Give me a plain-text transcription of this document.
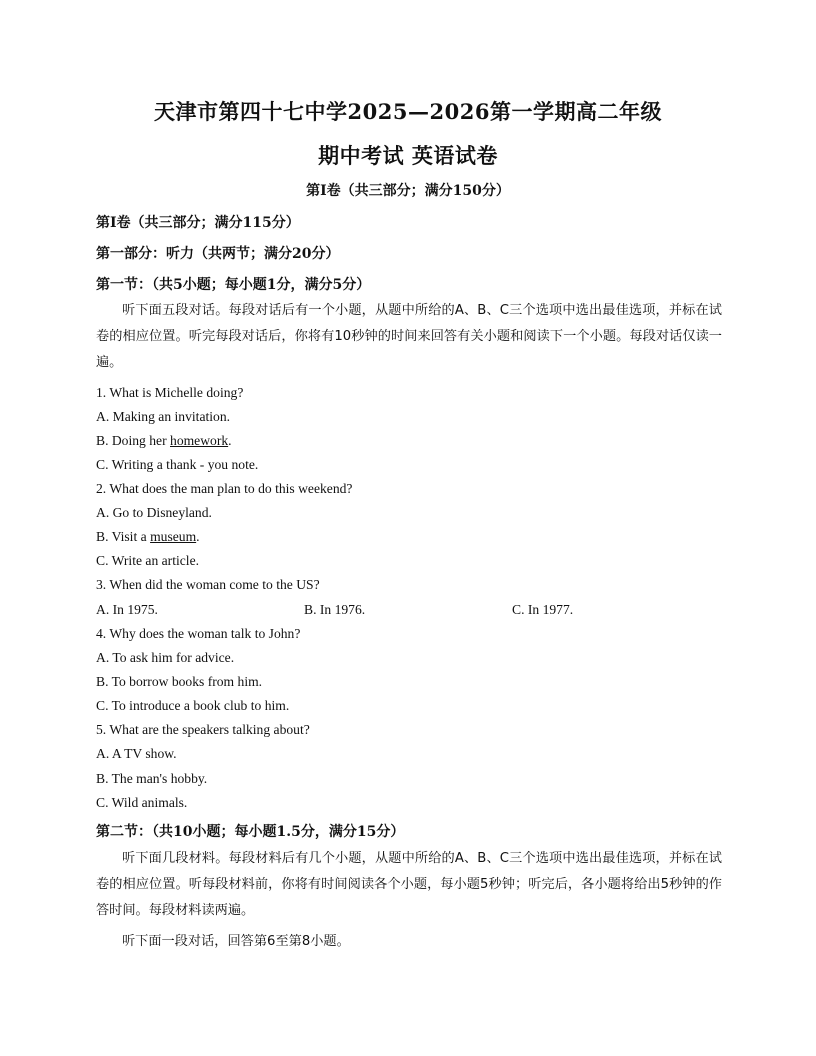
天津市第四十七中学2025—2026第一学期高二年级
期中考试 英语试卷
第Ⅰ卷（共三部分；满分150分）
第Ⅰ卷（共三部分；满分115分）
第一部分：听力（共两节；满分20分）
第一节：（共5小题；每小题1分，满分5分）
听下面五段对话。每段对话后有一个小题，从题中所给的A、B、C三个选项中选出最佳选项，并标在试卷的相应位置。听完每段对话后，你将有10秒钟的时间来回答有关小题和阅读下一个小题。每段对话仅读一遍。
1. What is Michelle doing?
A. Making an invitation.
B. Doing her homework.
C. Writing a thank - you note.
2. What does the man plan to do this weekend?
A. Go to Disneyland.
B. Visit a museum.
C. Write an article.
3. When did the woman come to the US?
A. In 1975.	B. In 1976.	C. In 1977.
4. Why does the woman talk to John?
A. To ask him for advice.
B. To borrow books from him.
C. To introduce a book club to him.
5. What are the speakers talking about?
A. A TV show.
B. The man's hobby.
C. Wild animals.
第二节：（共10小题；每小题1.5分，满分15分）
听下面几段材料。每段材料后有几个小题，从题中所给的A、B、C三个选项中选出最佳选项，并标在试卷的相应位置。听每段材料前，你将有时间阅读各个小题，每小题5秒钟；听完后，各小题将给出5秒钟的作答时间。每段材料读两遍。
听下面一段对话，回答第6至第8小题。
